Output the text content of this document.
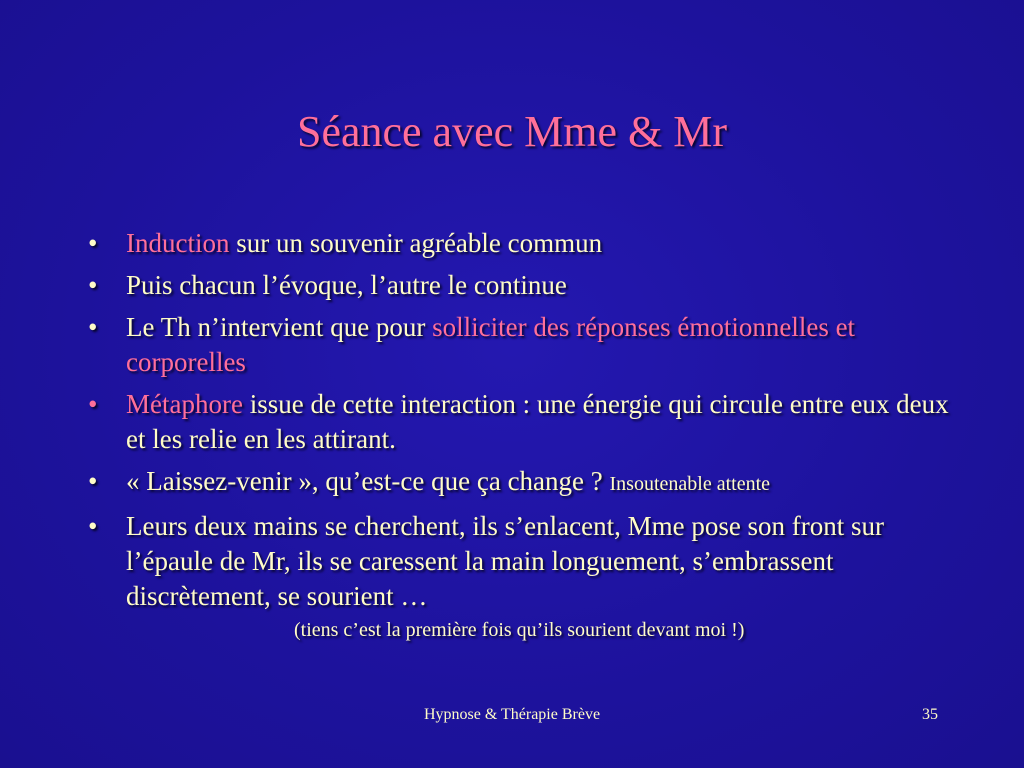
Séance avec Mme & Mr
•	Induction sur un souvenir agréable commun
•	Puis chacun l’évoque, l’autre le continue
•	Le Th n’intervient que pour solliciter des réponses émotionnelles et corporelles
•	Métaphore issue de cette interaction : une énergie qui circule entre eux deux et les relie en les attirant.
•	« Laissez-venir », qu’est-ce que ça change ? Insoutenable attente
•	Leurs deux mains se cherchent, ils s’enlacent, Mme pose son front sur l’épaule de Mr, ils se caressent la main longuement, s’embrassent discrètement, se sourient …
(tiens c’est la première fois qu’ils sourient devant moi !)
Hypnose & Thérapie Brève	35
